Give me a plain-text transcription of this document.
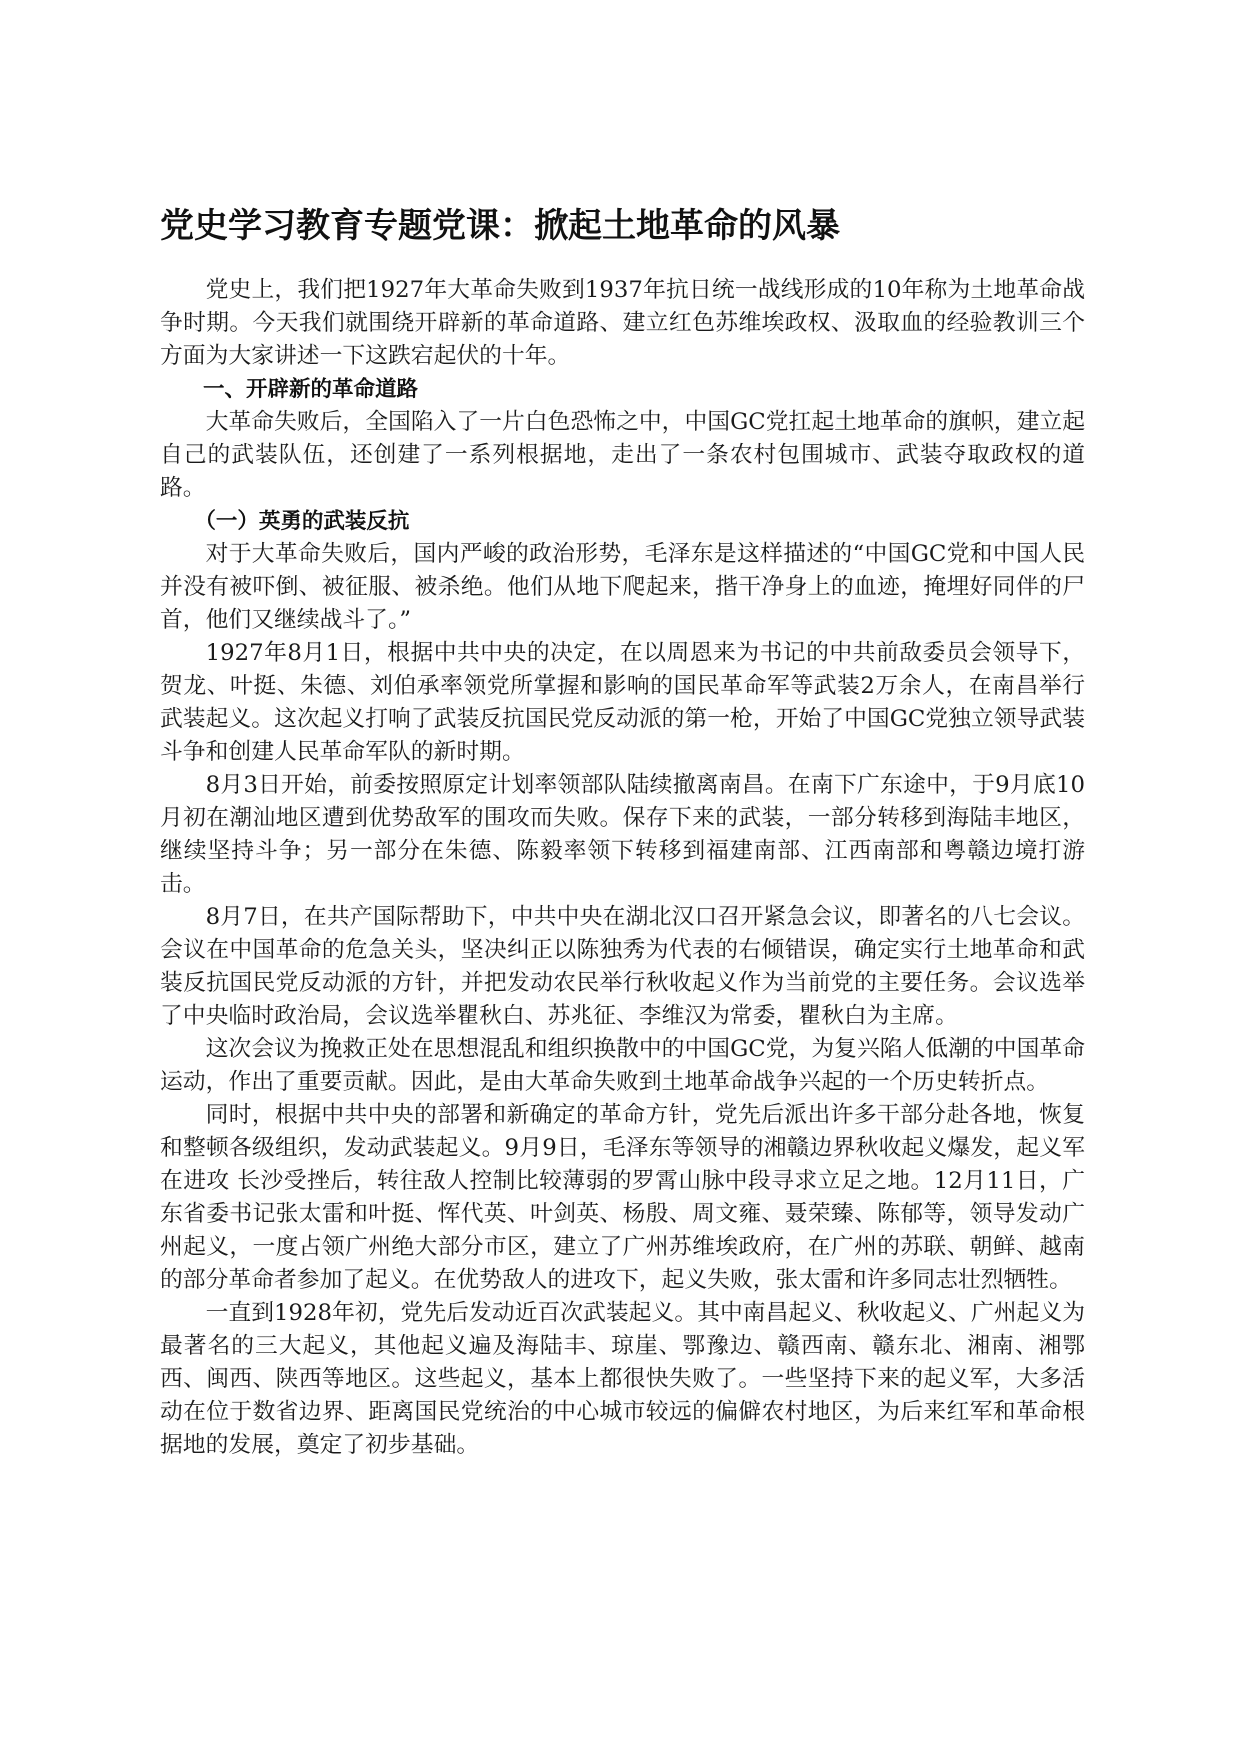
党史学习教育专题党课：掀起土地革命的风暴

党史上，我们把1927年大革命失败到1937年抗日统一战线形成的10年称为土地革命战争时期。今天我们就围绕开辟新的革命道路、建立红色苏维埃政权、汲取血的经验教训三个方面为大家讲述一下这跌宕起伏的十年。

一、开辟新的革命道路

大革命失败后，全国陷入了一片白色恐怖之中，中国GC党扛起土地革命的旗帜，建立起自己的武装队伍，还创建了一系列根据地，走出了一条农村包围城市、武装夺取政权的道路。

（一）英勇的武装反抗

对于大革命失败后，国内严峻的政治形势，毛泽东是这样描述的“中国GC党和中国人民并没有被吓倒、被征服、被杀绝。他们从地下爬起来，揩干净身上的血迹，掩埋好同伴的尸首，他们又继续战斗了。”

1927年8月1日，根据中共中央的决定，在以周恩来为书记的中共前敌委员会领导下，贺龙、叶挺、朱德、刘伯承率领党所掌握和影响的国民革命军等武装2万余人，在南昌举行武装起义。这次起义打响了武装反抗国民党反动派的第一枪，开始了中国GC党独立领导武装斗争和创建人民革命军队的新时期。

8月3日开始，前委按照原定计划率领部队陆续撤离南昌。在南下广东途中，于9月底10月初在潮汕地区遭到优势敌军的围攻而失败。保存下来的武装，一部分转移到海陆丰地区，继续坚持斗争；另一部分在朱德、陈毅率领下转移到福建南部、江西南部和粤赣边境打游击。

8月7日，在共产国际帮助下，中共中央在湖北汉口召开紧急会议，即著名的八七会议。会议在中国革命的危急关头，坚决纠正以陈独秀为代表的右倾错误，确定实行土地革命和武装反抗国民党反动派的方针，并把发动农民举行秋收起义作为当前党的主要任务。会议选举了中央临时政治局，会议选举瞿秋白、苏兆征、李维汉为常委，瞿秋白为主席。

这次会议为挽救正处在思想混乱和组织换散中的中国GC党，为复兴陷人低潮的中国革命运动，作出了重要贡献。因此，是由大革命失败到土地革命战争兴起的一个历史转折点。

同时，根据中共中央的部署和新确定的革命方针，党先后派出许多干部分赴各地，恢复和整顿各级组织，发动武装起义。9月9日，毛泽东等领导的湘赣边界秋收起义爆发，起义军在进攻 长沙受挫后，转往敌人控制比较薄弱的罗霄山脉中段寻求立足之地。12月11日，广东省委书记张太雷和叶挺、恽代英、叶剑英、杨殷、周文雍、聂荣臻、陈郁等，领导发动广州起义，一度占领广州绝大部分市区，建立了广州苏维埃政府，在广州的苏联、朝鲜、越南的部分革命者参加了起义。在优势敌人的进攻下，起义失败，张太雷和许多同志壮烈牺牲。

一直到1928年初，党先后发动近百次武装起义。其中南昌起义、秋收起义、广州起义为最著名的三大起义，其他起义遍及海陆丰、琼崖、鄂豫边、赣西南、赣东北、湘南、湘鄂西、闽西、陕西等地区。这些起义，基本上都很快失败了。一些坚持下来的起义军，大多活动在位于数省边界、距离国民党统治的中心城市较远的偏僻农村地区，为后来红军和革命根据地的发展，奠定了初步基础。
